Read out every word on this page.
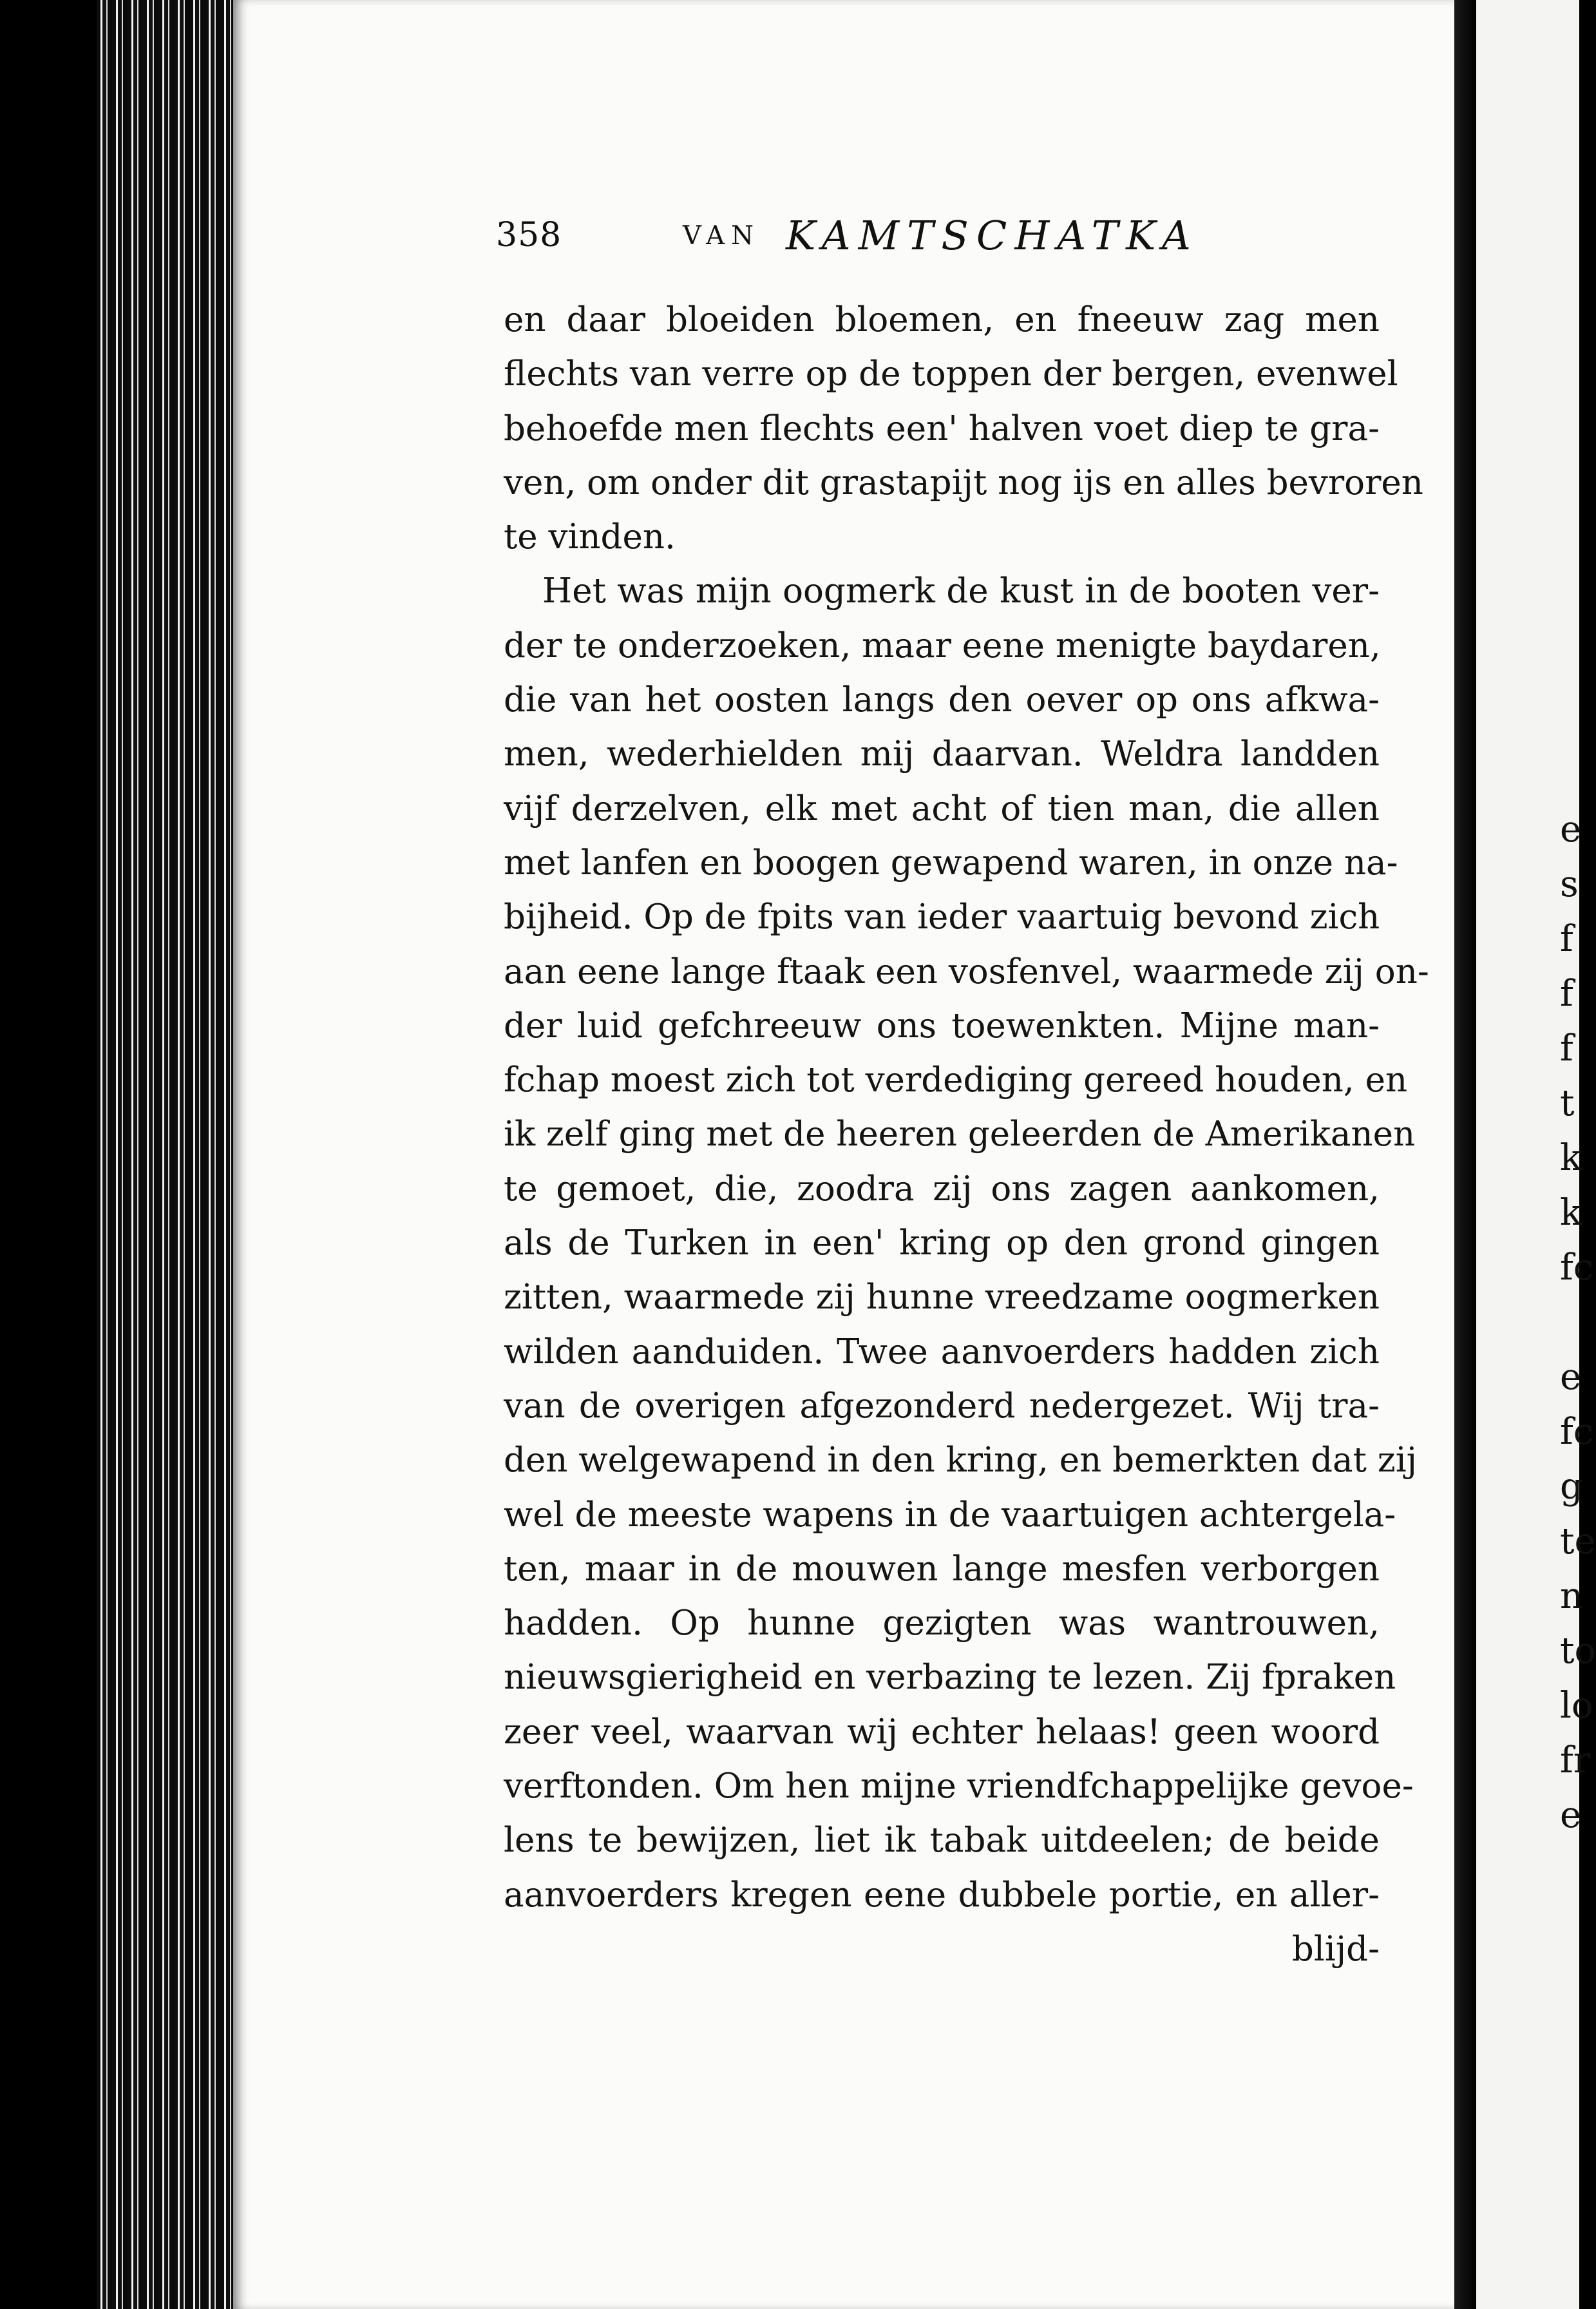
e
s
f
f
f
t
k
k
fc
e
fc
g
te
n
to
lo
fr
e
358	VAN KAMTSCHATKA
en daar bloeiden bloemen, en fneeuw zag men
flechts van verre op de toppen der bergen, evenwel
behoefde men flechts een' halven voet diep te gra-
ven, om onder dit grastapijt nog ijs en alles bevroren
te vinden.
Het was mijn oogmerk de kust in de booten ver-
der te onderzoeken, maar eene menigte baydaren,
die van het oosten langs den oever op ons afkwa-
men, wederhielden mij daarvan. Weldra landden
vijf derzelven, elk met acht of tien man, die allen
met lanfen en boogen gewapend waren, in onze na-
bijheid. Op de fpits van ieder vaartuig bevond zich
aan eene lange ftaak een vosfenvel, waarmede zij on-
der luid gefchreeuw ons toewenkten. Mijne man-
fchap moest zich tot verdediging gereed houden, en
ik zelf ging met de heeren geleerden de Amerikanen
te gemoet, die, zoodra zij ons zagen aankomen,
als de Turken in een' kring op den grond gingen
zitten, waarmede zij hunne vreedzame oogmerken
wilden aanduiden. Twee aanvoerders hadden zich
van de overigen afgezonderd nedergezet. Wij tra-
den welgewapend in den kring, en bemerkten dat zij
wel de meeste wapens in de vaartuigen achtergela-
ten, maar in de mouwen lange mesfen verborgen
hadden. Op hunne gezigten was wantrouwen,
nieuwsgierigheid en verbazing te lezen. Zij fpraken
zeer veel, waarvan wij echter helaas! geen woord
verftonden. Om hen mijne vriendfchappelijke gevoe-
lens te bewijzen, liet ik tabak uitdeelen; de beide
aanvoerders kregen eene dubbele portie, en aller-
blijd-
